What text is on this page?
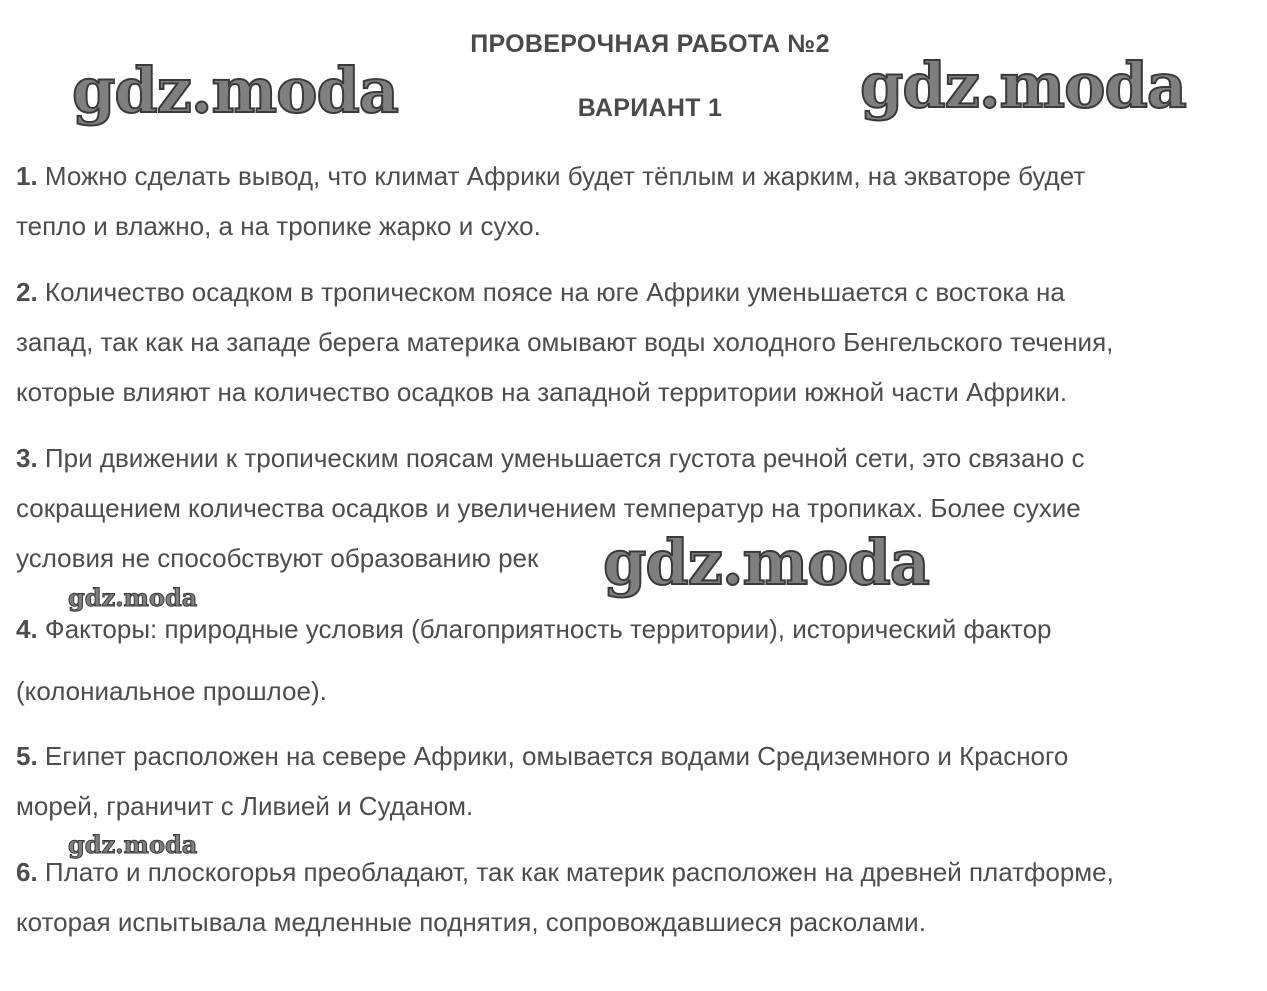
ПРОВЕРОЧНАЯ РАБОТА №2
ВАРИАНТ 1
1. Можно сделать вывод, что климат Африки будет тёплым и жарким, на экваторе будет
тепло и влажно, а на тропике жарко и сухо.
2. Количество осадком в тропическом поясе на юге Африки уменьшается с востока на
запад, так как на западе берега материка омывают воды холодного Бенгельского течения,
которые влияют на количество осадков на западной территории южной части Африки.
3. При движении к тропическим поясам уменьшается густота речной сети, это связано с
сокращением количества осадков и увеличением температур на тропиках. Более сухие
условия не способствуют образованию рек
4. Факторы: природные условия (благоприятность территории), исторический фактор
(колониальное прошлое).
5. Египет расположен на севере Африки, омывается водами Средиземного и Красного
морей, граничит с Ливией и Суданом.
6. Плато и плоскогорья преобладают, так как материк расположен на древней платформе,
которая испытывала медленные поднятия, сопровождавшиеся расколами.
gdz.moda	gdz.moda
gdz.moda
gdz.moda
gdz.moda
